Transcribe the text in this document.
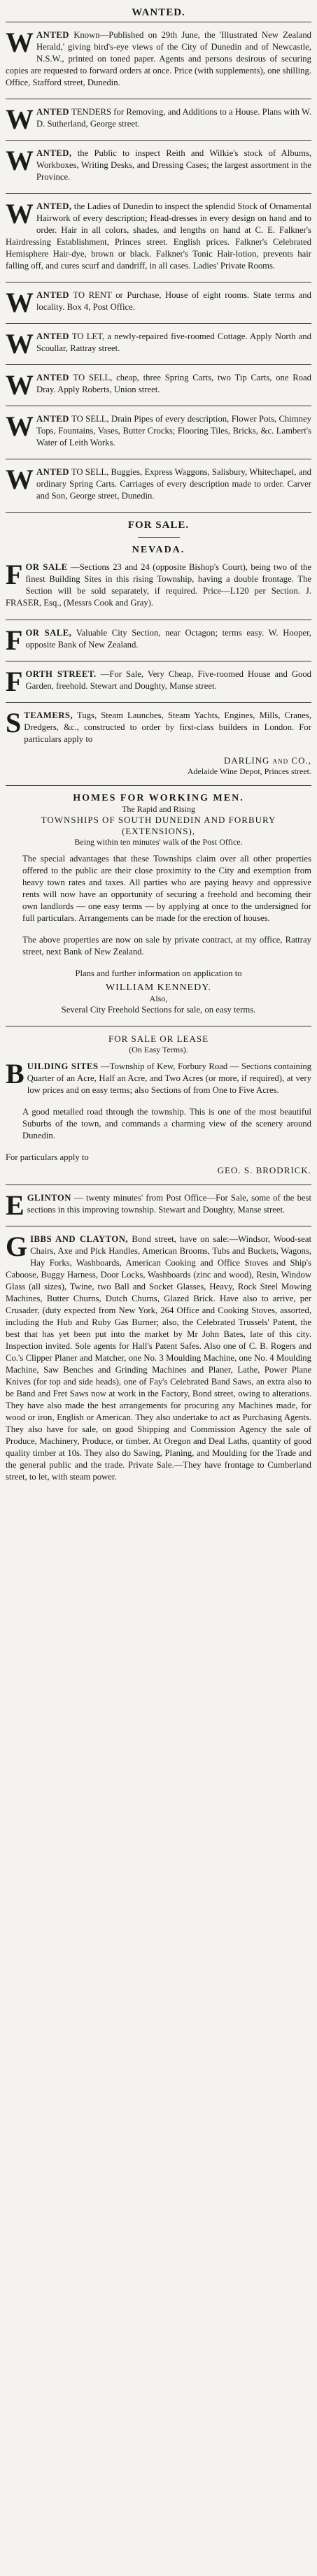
WANTED.
WANTED Known—Published on 29th June, the 'Illustrated New Zealand Herald,' giving bird's-eye views of the City of Dunedin and of Newcastle, N.S.W., printed on toned paper. Agents and persons desirous of securing copies are requested to forward orders at once. Price (with supplements), one shilling. Office, Stafford street, Dunedin.
WANTED TENDERS for Removing, and Additions to a House. Plans with W. D. Sutherland, George street.
WANTED, the Public to inspect Reith and Wilkie's stock of Albums, Workboxes, Writing Desks, and Dressing Cases; the largest assortment in the Province.
WANTED, the Ladies of Dunedin to inspect the splendid Stock of Ornamental Hairwork of every description; Head-dresses in every design on hand and to order. Hair in all colors, shades, and lengths on hand at C. E. Falkner's Hairdressing Establishment, Princes street. English prices. Falkner's Celebrated Hemisphere Hair-dye, brown or black. Falkner's Tonic Hair-lotion, prevents hair falling off, and cures scurf and dandriff, in all cases. Ladies' Private Rooms.
WANTED TO RENT or Purchase, House of eight rooms. State terms and locality. Box 4, Post Office.
WANTED TO LET, a newly-repaired five-roomed Cottage. Apply North and Scoullar, Rattray street.
WANTED TO SELL, cheap, three Spring Carts, two Tip Carts, one Road Dray. Apply Roberts, Union street.
WANTED TO SELL, Drain Pipes of every description, Flower Pots, Chimney Tops, Fountains, Vases, Butter Crocks; Flooring Tiles, Bricks, &c. Lambert's Water of Leith Works.
WANTED TO SELL, Buggies, Express Waggons, Salisbury, Whitechapel, and ordinary Spring Carts. Carriages of every description made to order. Carver and Son, George street, Dunedin.
FOR SALE.
NEVADA.
FOR SALE —Sections 23 and 24 (opposite Bishop's Court), being two of the finest Building Sites in this rising Township, having a double frontage. The Section will be sold separately, if required. Price—L120 per Section. J. FRASER, Esq., (Messrs Cook and Gray).
FOR SALE, Valuable City Section, near Octagon; terms easy. W. Hooper, opposite Bank of New Zealand.
FORTH STREET. —For Sale, Very Cheap, Five-roomed House and Good Garden, freehold. Stewart and Doughty, Manse street.
STEAMERS, Tugs, Steam Launches, Steam Yachts, Engines, Mills, Cranes, Dredgers, &c., constructed to order by first-class builders in London. For particulars apply to
DARLING and CO.,
Adelaide Wine Depot, Princes street.
HOMES FOR WORKING MEN.
The Rapid and Rising
TOWNSHIPS OF SOUTH DUNEDIN AND FORBURY (EXTENSIONS),
Being within ten minutes' walk of the Post Office.
The special advantages that these Townships claim over all other properties offered to the public are their close proximity to the City and exemption from heavy town rates and taxes. All parties who are paying heavy and oppressive rents will now have an opportunity of securing a freehold and becoming their own landlords — one easy terms — by applying at once to the undersigned for full particulars. Arrangements can be made for the erection of houses.
The above properties are now on sale by private contract, at my office, Rattray street, next Bank of New Zealand.
Plans and further information on application to
WILLIAM KENNEDY.
Also,
Several City Freehold Sections for sale, on easy terms.
FOR SALE OR LEASE
(On Easy Terms).
BUILDING SITES —Township of Kew, Forbury Road — Sections containing Quarter of an Acre, Half an Acre, and Two Acres (or more, if required), at very low prices and on easy terms; also Sections of from One to Five Acres.
A good metalled road through the township. This is one of the most beautiful Suburbs of the town, and commands a charming view of the scenery around Dunedin.
For particulars apply to
GEO. S. BRODRICK.
EGLINTON — twenty minutes' from Post Office—For Sale, some of the best sections in this improving township. Stewart and Doughty, Manse street.
GIBBS AND CLAYTON, Bond street, have on sale:—Windsor, Wood-seat Chairs, Axe and Pick Handles, American Brooms, Tubs and Buckets, Wagons, Hay Forks, Washboards, American Cooking and Office Stoves and Ship's Caboose, Buggy Harness, Door Locks, Washboards (zinc and wood), Resin, Window Glass (all sizes), Twine, two Ball and Socket Glasses, Heavy, Rock Steel Mowing Machines, Butter Churns, Dutch Churns, Glazed Brick. Have also to arrive, per Crusader, (duty expected from New York, 264 Office and Cooking Stoves, assorted, including the Hub and Ruby Gas Burner; also, the Celebrated Trussels' Patent, the best that has yet been put into the market by Mr John Bates, late of this city. Inspection invited. Sole agents for Hall's Patent Safes. Also one of C. B. Rogers and Co.'s Clipper Planer and Matcher, one No. 3 Moulding Machine, one No. 4 Moulding Machine, Saw Benches and Grinding Machines and Planer, Lathe, Power Plane Knives (for top and side heads), one of Fay's Celebrated Band Saws, an extra also to be Band and Fret Saws now at work in the Factory, Bond street, owing to alterations. They have also made the best arrangements for procuring any Machines made, for wood or iron, English or American. They also undertake to act as Purchasing Agents. They also have for sale, on good Shipping and Commission Agency the sale of Produce, Machinery, Produce, or timber. At Oregon and Deal Laths, quantity of good quality timber at 10s. They also do Sawing, Planing, and Moulding for the Trade and the general public and the trade. Private Sale.—They have frontage to Cumberland street, to let, with steam power.
